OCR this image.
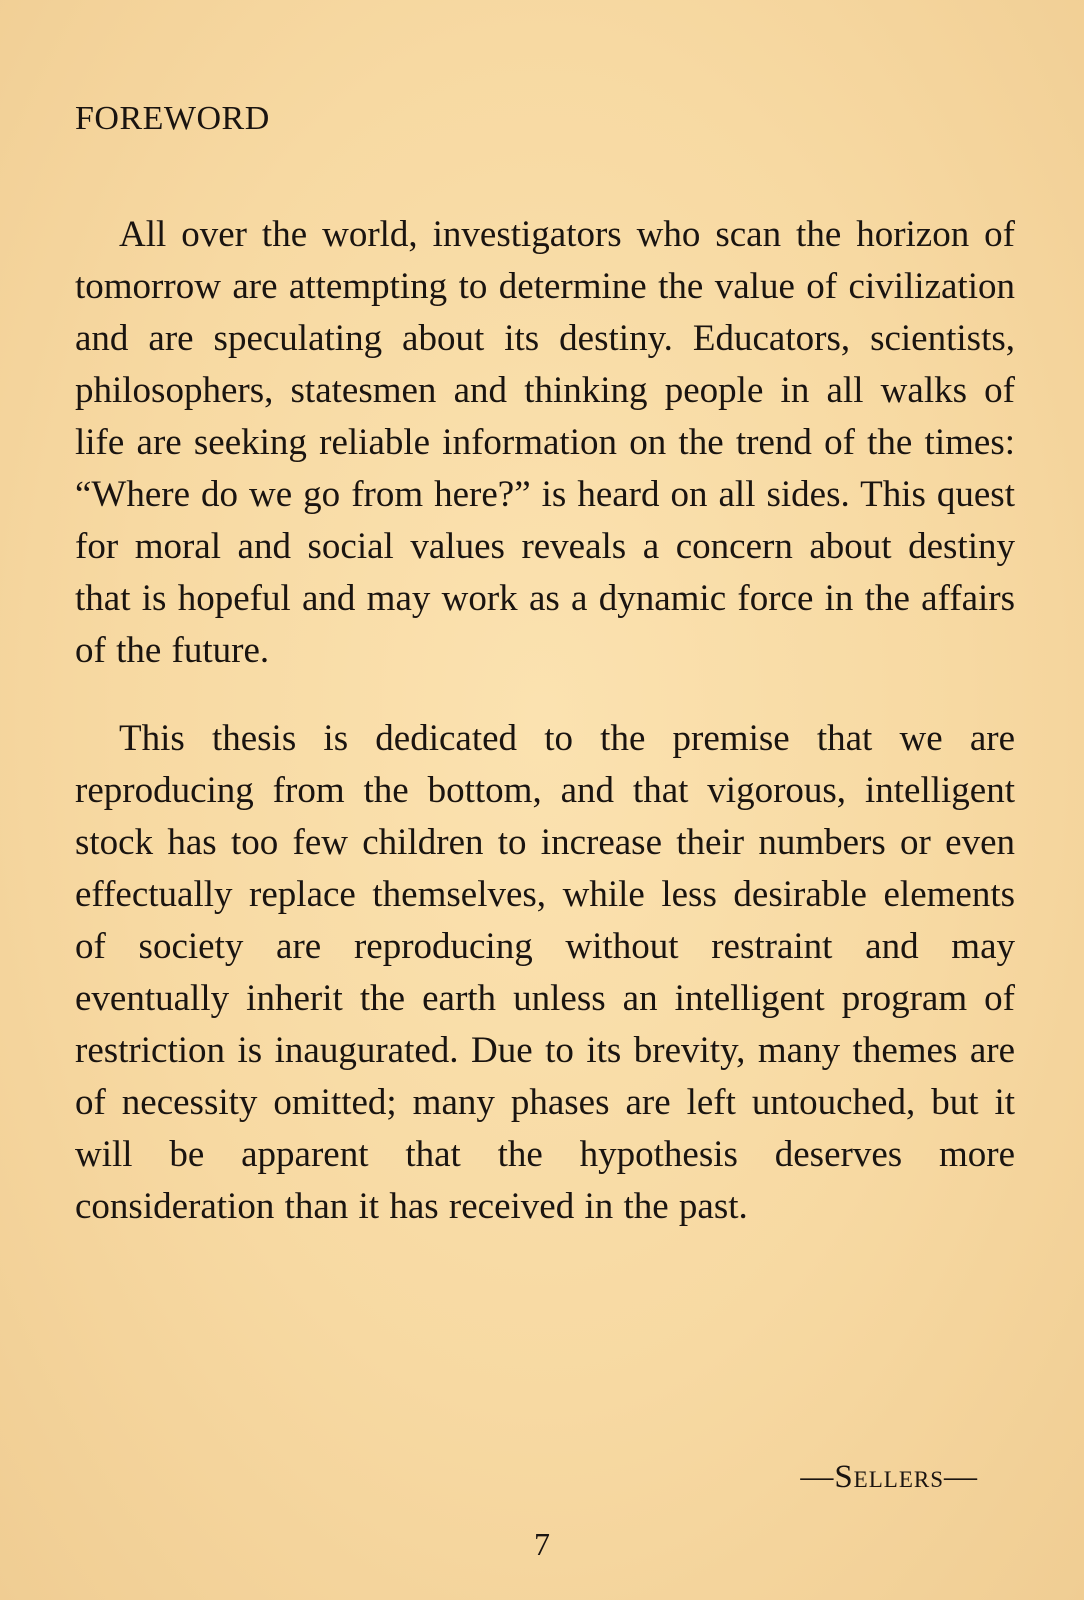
FOREWORD

All over the world, investigators who scan the horizon of tomorrow are attempting to determine the value of civilization and are speculating about its destiny. Educators, scientists, philosophers, statesmen and thinking people in all walks of life are seeking reliable information on the trend of the times: “Where do we go from here?” is heard on all sides. This quest for moral and social values reveals a concern about destiny that is hopeful and may work as a dynamic force in the affairs of the future.

This thesis is dedicated to the premise that we are reproducing from the bottom, and that vigorous, intelligent stock has too few children to increase their numbers or even effectually replace themselves, while less desirable elements of society are reproducing without restraint and may eventually inherit the earth unless an intelligent program of restriction is inaugurated. Due to its brevity, many themes are of necessity omitted; many phases are left untouched, but it will be apparent that the hypothesis deserves more consideration than it has received in the past.

—Sellers—
7
